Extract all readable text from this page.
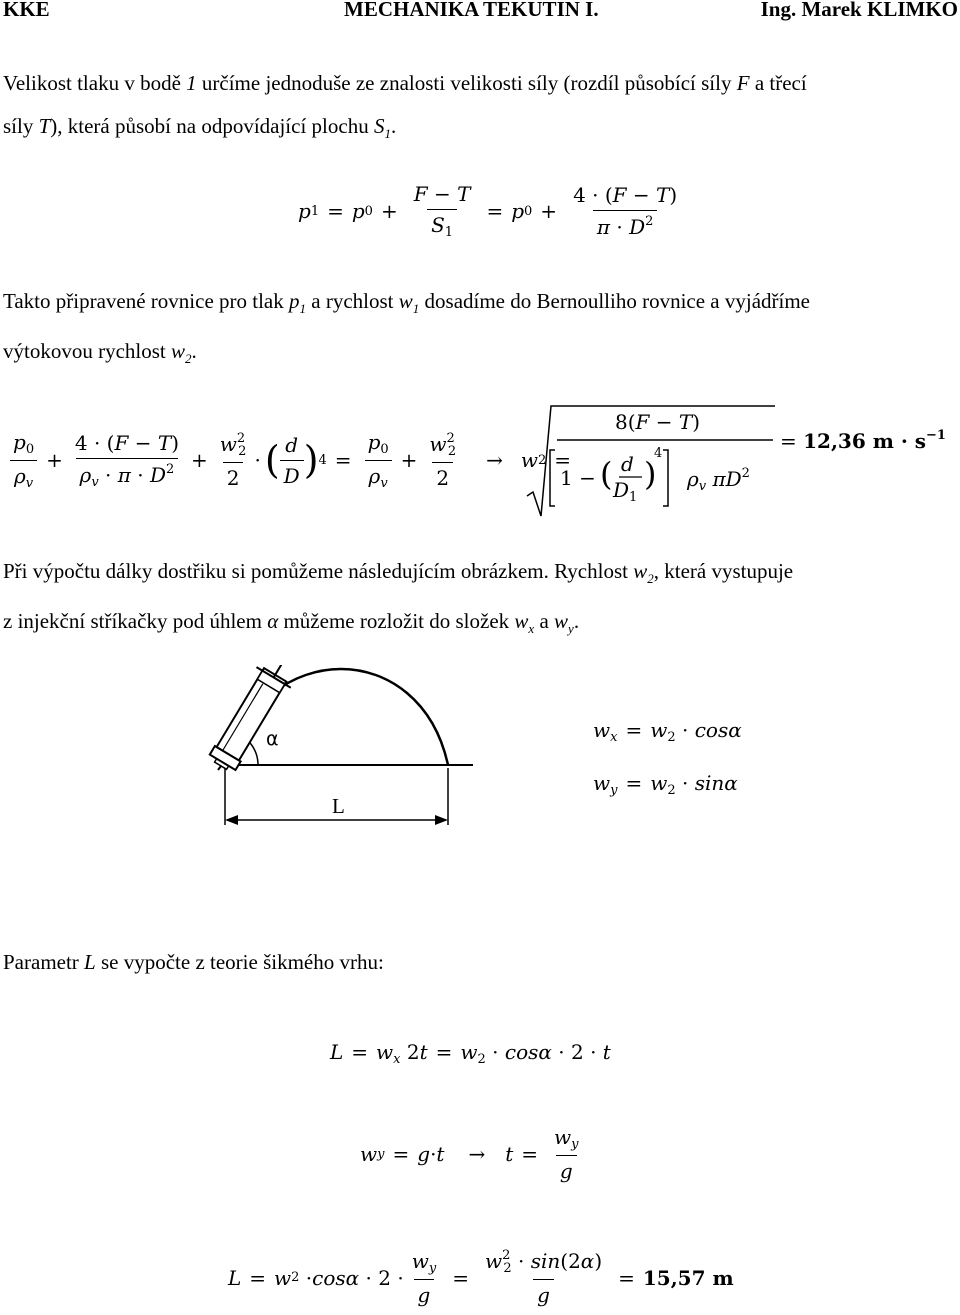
KKE	MECHANIKA TEKUTIN I.	Ing. Marek KLIMKO
Velikost tlaku v bodě 1 určíme jednoduše ze znalosti velikosti síly (rozdíl působící síly F a třecí
síly T), která působí na odpovídající plochu $S_1$.
p 1 = p $0 + \frac{F - T}{S_1} = p$ $0 + \frac{4 \cdot (F - T)}{\pi \cdot D^2}$
Takto připravené rovnice pro tlak $p_1$ a rychlost $w_1$ dosadíme do Bernoulliho rovnice a vyjádříme
výtokovou rychlost $w_2$.
$\frac{p_0}{\rho_v} + \frac{4 \cdot (F - T)}{\rho_v \cdot \pi \cdot D^2} + \frac{w^2_2}{2}$ · ( $\frac{d}{D}$ ) $4 = \frac{p_0}{\rho_v} + \frac{w^2_2}{2} \to w$ 2 =
8(F − T)
1 − ( d
$D_1$
)
4
$\rho_v$ $\pi D^2$
= 12,36 $m \cdot s^{-1}$
Při výpočtu dálky dostřiku si pomůžeme následujícím obrázkem. Rychlost $w_2$, která vystupuje
z injekční stříkačky pod úhlem α můžeme rozložit do složek $w_x$ a $w_y$.
α
L
$w_x = w_2 \cdot \cos\alpha$
$w_y = w_2 \cdot \sin\alpha$
Parametr L se vypočte z teorie šikmého vrhu:
$L = w_x$ $2t = w_2 \cdot \cos\alpha \cdot 2 \cdot t$
w $y = g \cdot t \to t = \frac{w_y}{g}$
L = w $2 \cdot \cos\alpha \cdot 2 \cdot \frac{w_y}{g} = \frac{w^2_2 \cdot \sin(2\alpha)}{g} = 15,57$ m
